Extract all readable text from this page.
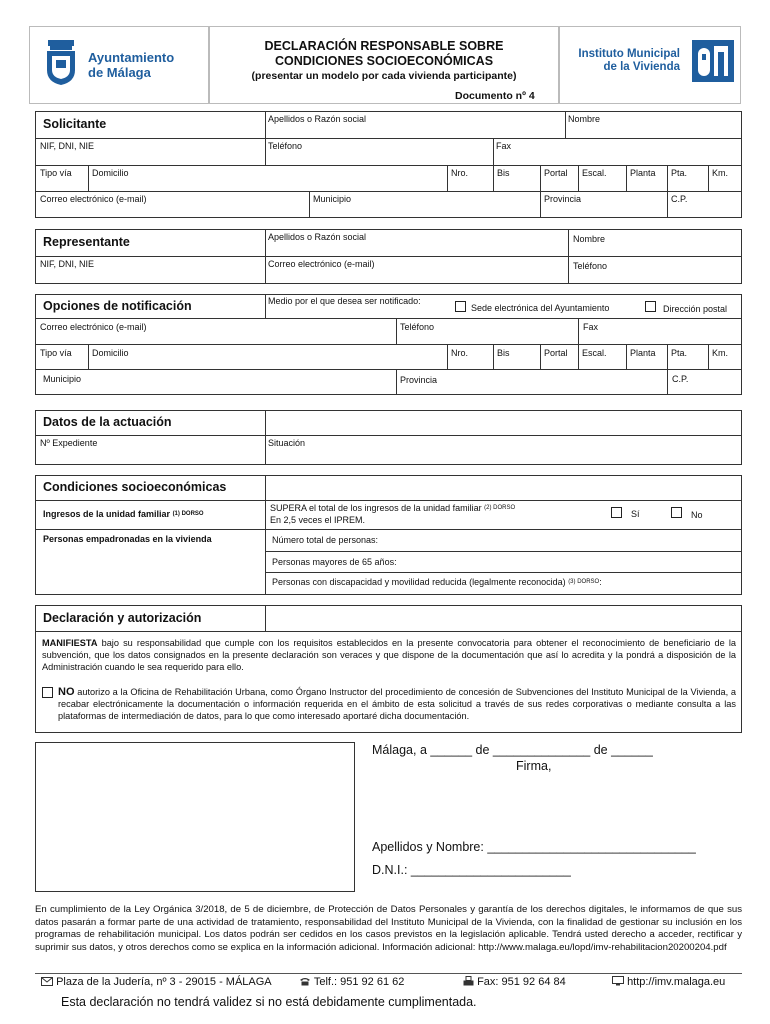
Ayuntamiento
de Málaga
DECLARACIÓN RESPONSABLE SOBRE
CONDICIONES SOCIOECONÓMICAS
(presentar un modelo por cada vivienda participante)
Documento nº 4
Instituto Municipal
de la Vivienda
Solicitante	Apellidos o Razón social	Nombre
NIF, DNI, NIE	Teléfono	Fax
Tipo vía Domicilio	Nro.	Bis	Portal Escal.	Planta Pta.	Km.
Correo electrónico (e-mail)	Municipio	Provincia	C.P.
Representante	Apellidos o Razón social	Nombre
NIF, DNI, NIE	Correo electrónico (e-mail)	Teléfono
Opciones de notificación	Medio por el que desea ser notificado:
Sede electrónica del Ayuntamiento	Dirección postal
Correo electrónico (e-mail)	Teléfono	Fax
Tipo vía Domicilio	Nro.	Bis	Portal Escal.	Planta Pta.	Km.
Municipio	Provincia	C.P.
Datos de la actuación
Nº Expediente	Situación
Condiciones socioeconómicas
Ingresos de la unidad familiar $^{(1) DORSO}$
SUPERA el total de los ingresos de la unidad familiar $^{(2) DORSO}$
En 2,5 veces el IPREM.
Sí	No
Personas empadronadas en la vivienda	Número total de personas:
Personas mayores de 65 años:
Personas con discapacidad y movilidad reducida (legalmente reconocida) $^{(3) DORSO}$:
Declaración y autorización
MANIFIESTA bajo su responsabilidad que cumple con los requisitos establecidos en la presente convocatoria para obtener el reconocimiento de beneficiario de la subvención, que los datos consignados en la presente declaración son veraces y que dispone de la documentación que así lo acredita y la pondrá a disposición de la Administración cuando le sea requerido para ello.
NO autorizo a la Oficina de Rehabilitación Urbana, como Órgano Instructor del procedimiento de concesión de Subvenciones del Instituto Municipal de la Vivienda, a recabar electrónicamente la documentación o información requerida en el ámbito de esta solicitud a través de sus redes corporativas o mediante consulta a las plataformas de intermediación de datos, para lo que como interesado aportaré dicha documentación.
Málaga, a ______ de ______________ de ______
Firma,
Apellidos y Nombre: ______________________________
D.N.I.: _______________________
En cumplimiento de la Ley Orgánica 3/2018, de 5 de diciembre, de Protección de Datos Personales y garantía de los derechos digitales, le informamos de que sus datos pasarán a formar parte de una actividad de tratamiento, responsabilidad del Instituto Municipal de la Vivienda, con la finalidad de gestionar su inclusión en los programas de rehabilitación municipal. Los datos podrán ser cedidos en los casos previstos en la legislación aplicable. Tendrá usted derecho a acceder, rectificar y suprimir sus datos, y otros derechos como se explica en la información adicional. Información adicional: http://www.malaga.eu/lopd/imv-rehabilitacion20200204.pdf
Plaza de la Judería, nº 3 - 29015 - MÁLAGA	Telf.: 951 92 61 62	Fax: 951 92 64 84	http://imv.malaga.eu
Esta declaración no tendrá validez si no está debidamente cumplimentada.
